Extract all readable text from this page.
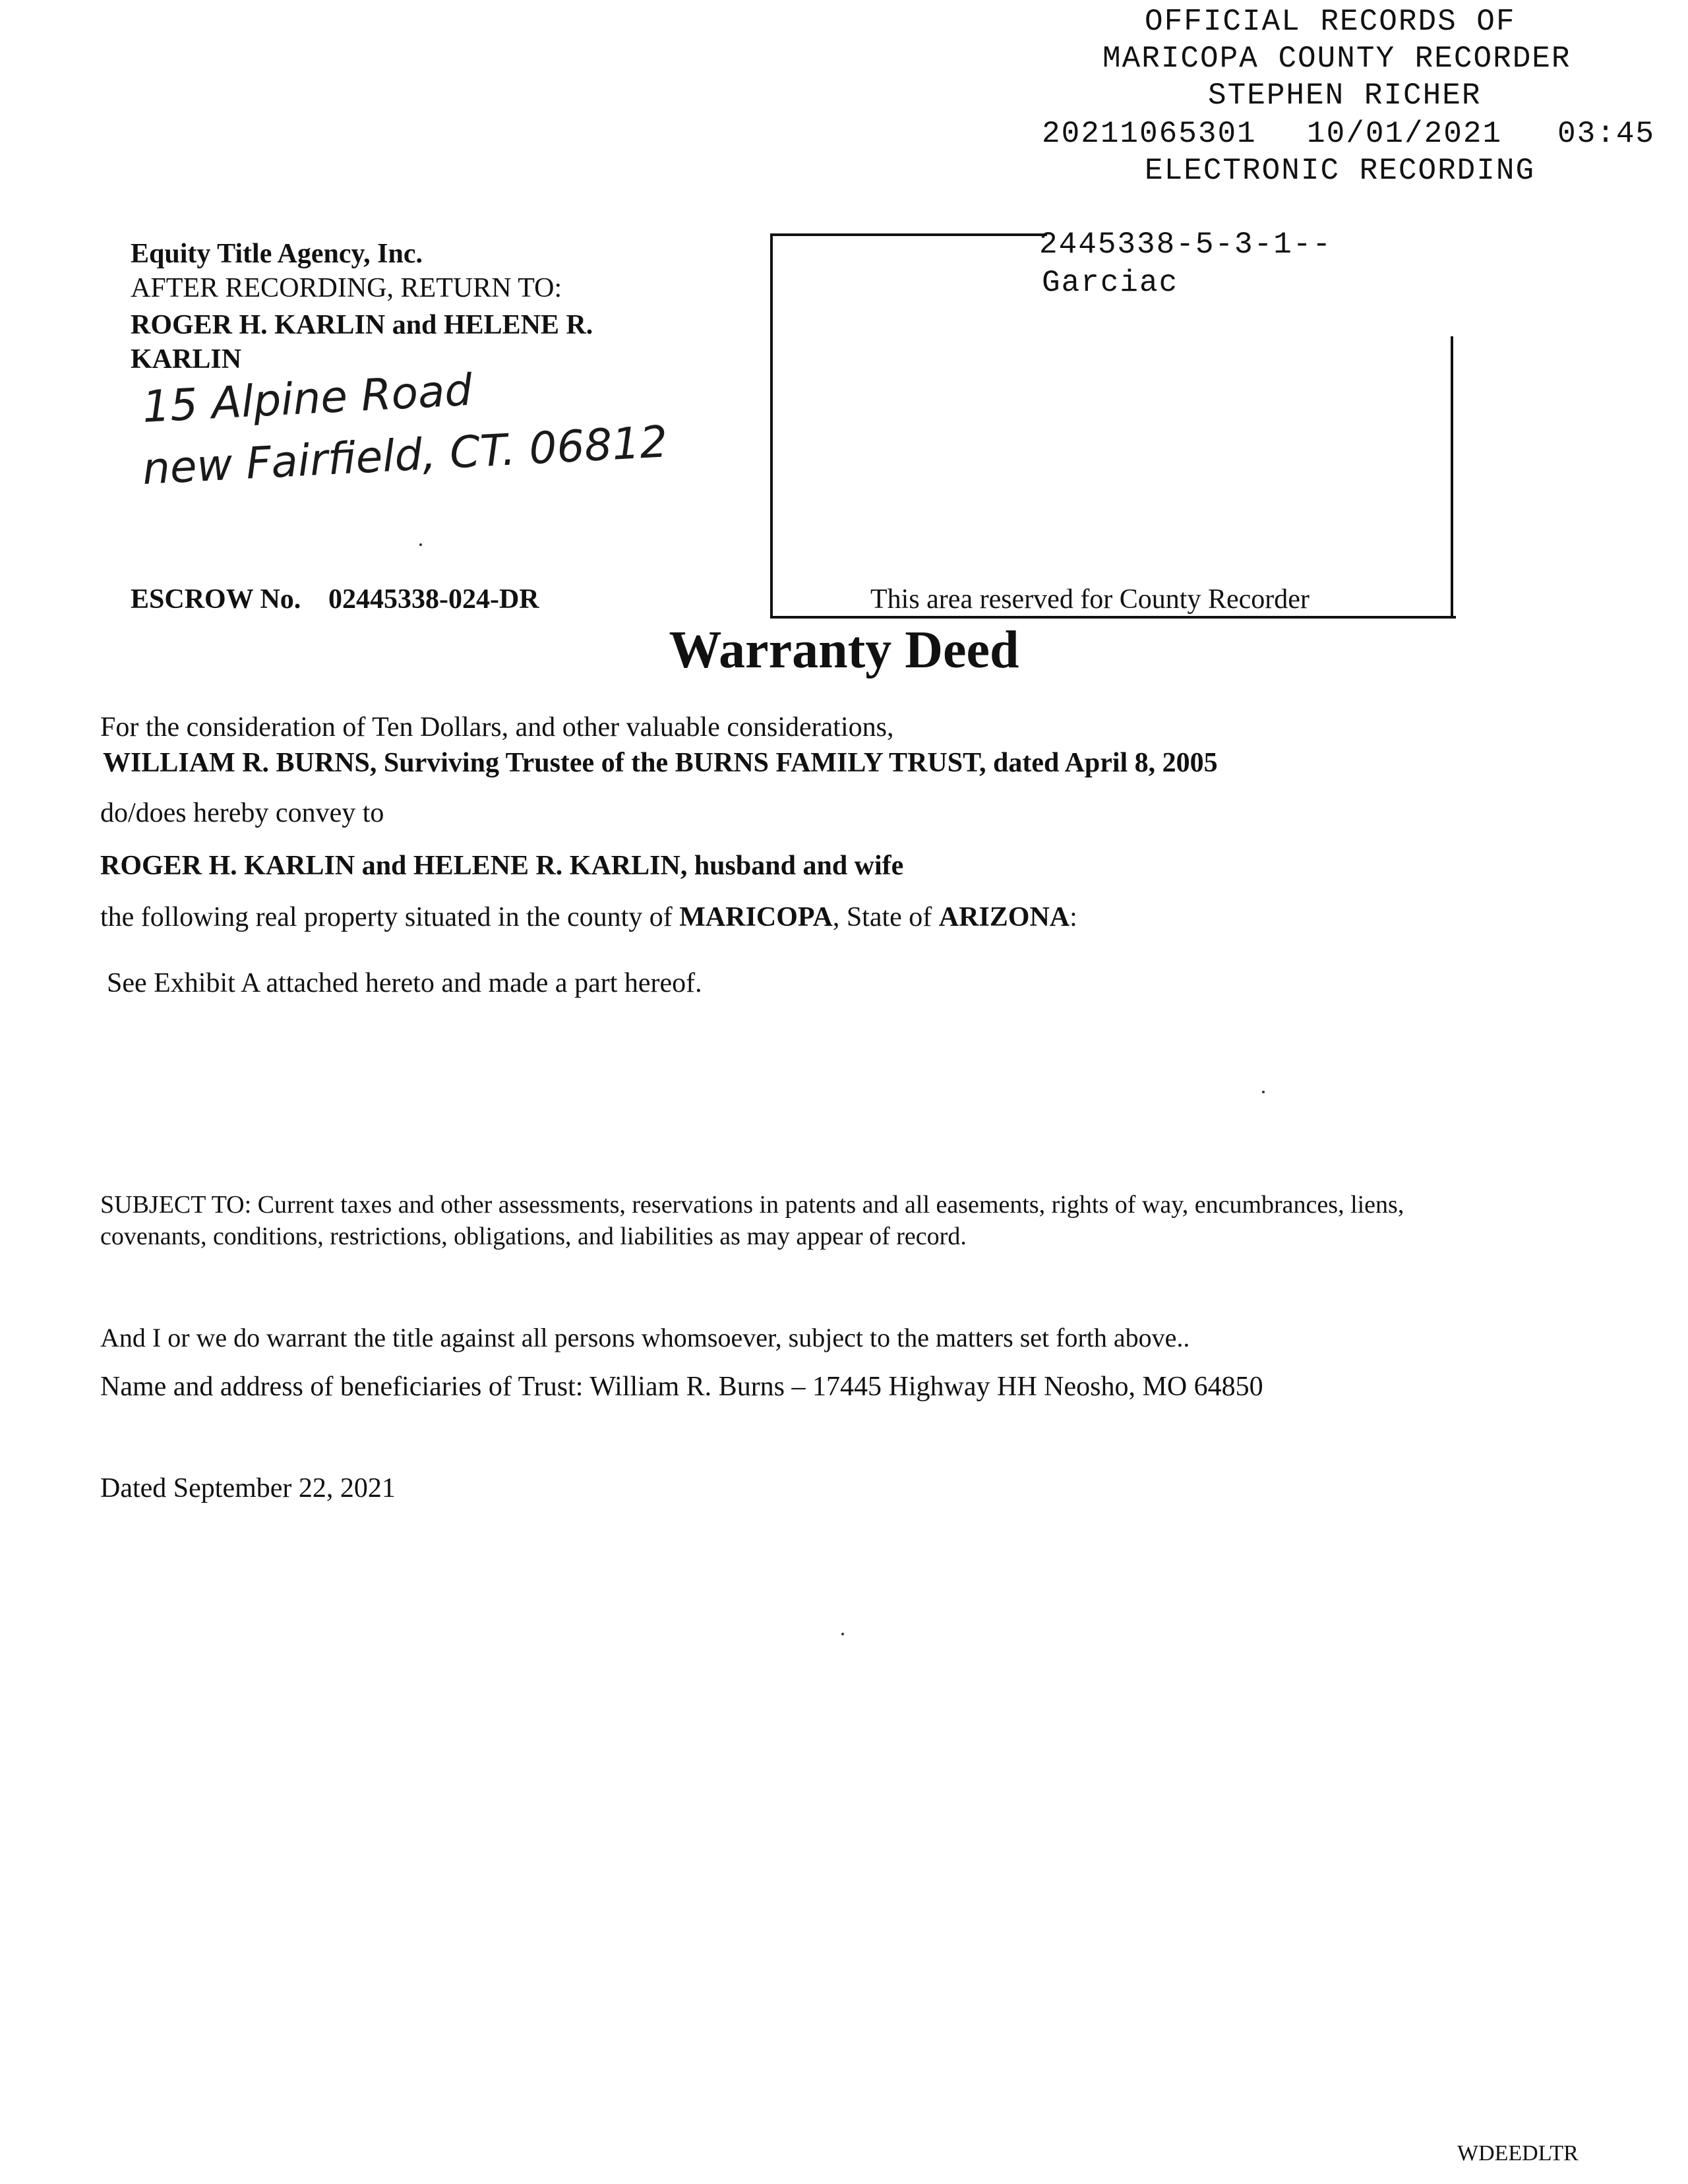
OFFICIAL RECORDS OF
MARICOPA COUNTY RECORDER
STEPHEN RICHER
20211065301 10/01/2021 03:45
ELECTRONIC RECORDING
Equity Title Agency, Inc.
AFTER RECORDING, RETURN TO:
ROGER H. KARLIN and HELENE R.
KARLIN
15 Alpine Road
new Fairfield, CT. 06812
ESCROW No. 02445338-024-DR
2445338-5-3-1--
Garciac
This area reserved for County Recorder
Warranty Deed
For the consideration of Ten Dollars, and other valuable considerations,
WILLIAM R. BURNS, Surviving Trustee of the BURNS FAMILY TRUST, dated April 8, 2005
do/does hereby convey to
ROGER H. KARLIN and HELENE R. KARLIN, husband and wife
the following real property situated in the county of MARICOPA, State of ARIZONA:
See Exhibit A attached hereto and made a part hereof.
SUBJECT TO: Current taxes and other assessments, reservations in patents and all easements, rights of way, encumbrances, liens,
covenants, conditions, restrictions, obligations, and liabilities as may appear of record.
And I or we do warrant the title against all persons whomsoever, subject to the matters set forth above..
Name and address of beneficiaries of Trust: William R. Burns – 17445 Highway HH Neosho, MO 64850
Dated September 22, 2021
WDEEDLTR
